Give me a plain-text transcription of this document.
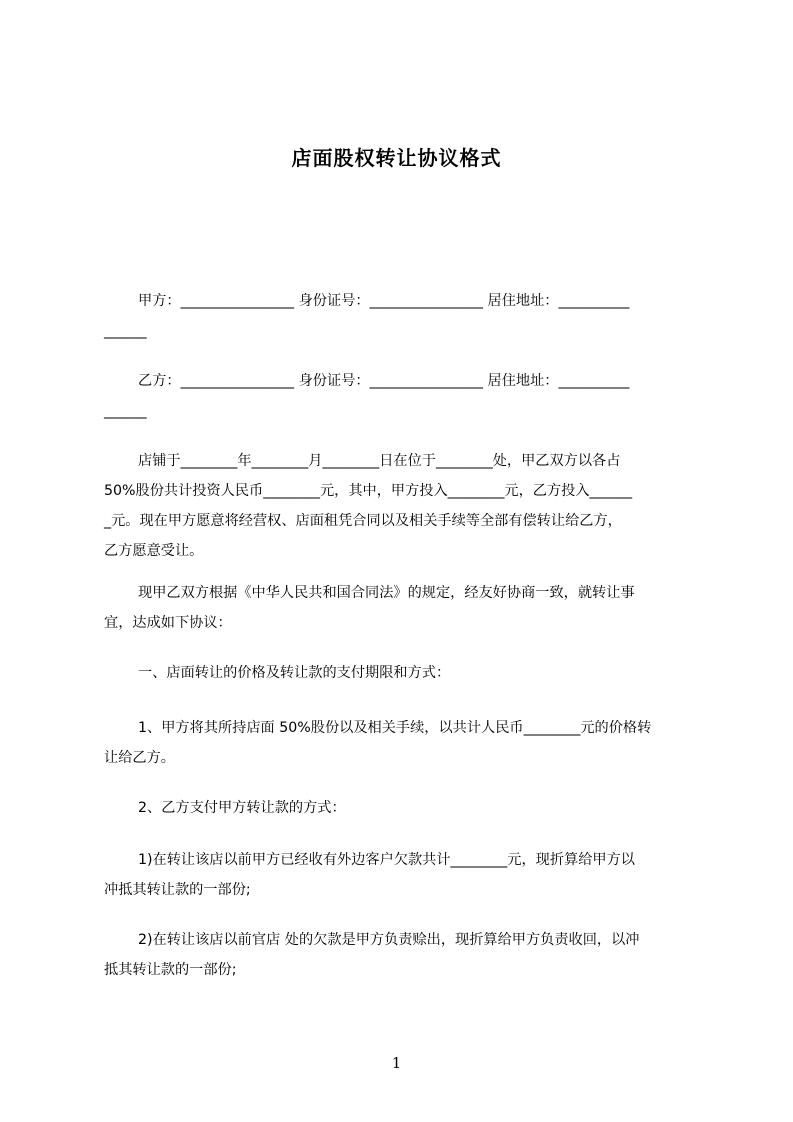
店面股权转让协议格式
甲方：________________ 身份证号：________________ 居住地址：__________
______
乙方：________________ 身份证号：________________ 居住地址：__________
______
店铺于________年________月________日在位于________处，甲乙双方以各占
50%股份共计投资人民币________元，其中，甲方投入________元，乙方投入______
_元。现在甲方愿意将经营权、店面租凭合同以及相关手续等全部有偿转让给乙方，
乙方愿意受让。
现甲乙双方根据《中华人民共和国合同法》的规定，经友好协商一致，就转让事
宜，达成如下协议：
一、店面转让的价格及转让款的支付期限和方式：
1、甲方将其所持店面 50%股份以及相关手续，以共计人民币________元的价格转
让给乙方。
2、乙方支付甲方转让款的方式：
1)在转让该店以前甲方已经收有外边客户欠款共计________元，现折算给甲方以
冲抵其转让款的一部份;
2)在转让该店以前官店 处的欠款是甲方负责赊出，现折算给甲方负责收回，以冲
抵其转让款的一部份;
1
